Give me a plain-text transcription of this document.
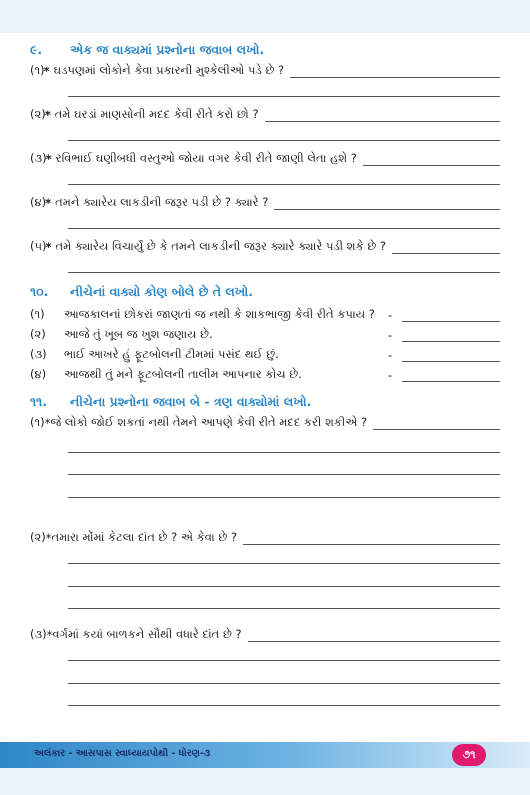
૯. એક જ વાક્યમાં પ્રશ્નોના જવાબ લખો.
(૧) * ઘડપણમાં લોકોને કેવા પ્રકારની મુશ્કેલીઓ પડે છે ?
(૨) * તમે ઘરડાં માણસોની મદદ કેવી રીતે કરો છો ?
(૩) * રવિભાઈ ઘણીબધી વસ્તુઓ જોયા વગર કેવી રીતે જાણી લેતા હશે ?
(૪) * તમને ક્યારેય લાકડીની જરૂર પડી છે ? ક્યારે ?
(૫) * તમે ક્યારેય વિચાર્યું છે કે તમને લાકડીની જરૂર ક્યારે ક્યારે પડી શકે છે ?
૧૦. નીચેનાં વાક્યો કોણ બોલે છે તે લખો.
(૧)	આજકાલનાં છોકરાં જાણતાં જ નથી કે શાકભાજી કેવી રીતે કપાય ?	-
(૨)	આજે તું ખૂબ જ ખુશ જણાય છે.	-
(૩)	ભાઈ આખરે હું ફૂટબોલની ટીમમાં પસંદ થઈ છું.	-
(૪)	આજથી તું મને ફૂટબોલની તાલીમ આપનાર કોચ છે.	-
૧૧. નીચેના પ્રશ્નોના જવાબ બે - ત્રણ વાક્યોમાં લખો.
(૧) * જે લોકો જોઈ શકતાં નથી તેમને આપણે કેવી રીતે મદદ કરી શકીએ ?
(૨) * તમારા મોંમાં કેટલા દાંત છે ? એ કેવા છે ?
(૩) * વર્ગમાં કયાં બાળકને સૌથી વધારે દાંત છે ?
અલંકાર - આસપાસ સ્વાધ્યાયપોથી - ધોરણ-૩	૭૧
